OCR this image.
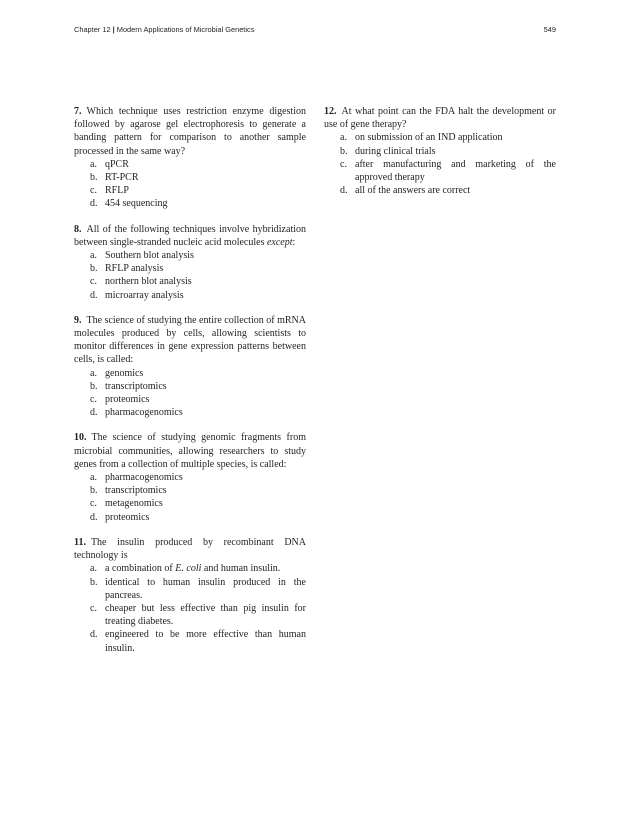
Chapter 12 | Modern Applications of Microbial Genetics	549

7. Which technique uses restriction enzyme digestion followed by agarose gel electrophoresis to generate a banding pattern for comparison to another sample processed in the same way?

a. qPCR
b. RT-PCR
c. RFLP
d. 454 sequencing

8. All of the following techniques involve hybridization between single-stranded nucleic acid molecules except:

a. Southern blot analysis
b. RFLP analysis
c. northern blot analysis
d. microarray analysis

9. The science of studying the entire collection of mRNA molecules produced by cells, allowing scientists to monitor differences in gene expression patterns between cells, is called:

a. genomics
b. transcriptomics
c. proteomics
d. pharmacogenomics

10. The science of studying genomic fragments from microbial communities, allowing researchers to study genes from a collection of multiple species, is called:

a. pharmacogenomics
b. transcriptomics
c. metagenomics
d. proteomics

11. The insulin produced by recombinant DNA technology is

a. a combination of E. coli and human insulin.
b. identical to human insulin produced in the pancreas.
c. cheaper but less effective than pig insulin for treating diabetes.
d. engineered to be more effective than human insulin.

12. At what point can the FDA halt the development or use of gene therapy?

a. on submission of an IND application
b. during clinical trials
c. after manufacturing and marketing of the approved therapy
d. all of the answers are correct
